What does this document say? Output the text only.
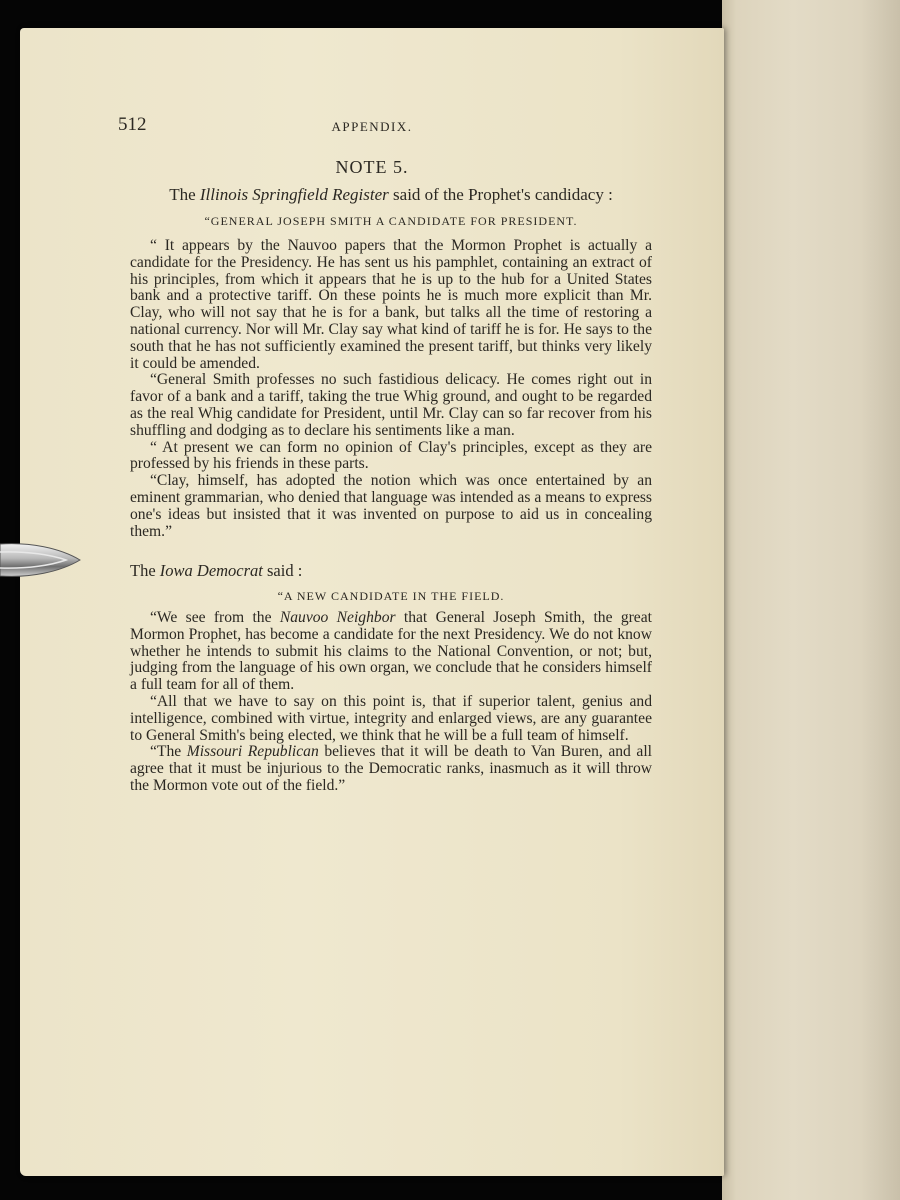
512	APPENDIX.
NOTE 5.
The Illinois Springfield Register said of the Prophet's candidacy :
“GENERAL JOSEPH SMITH A CANDIDATE FOR PRESIDENT.

“ It appears by the Nauvoo papers that the Mormon Prophet is actually a candidate for the Presidency. He has sent us his pamphlet, containing an extract of his principles, from which it appears that he is up to the hub for a United States bank and a protective tariff. On these points he is much more explicit than Mr. Clay, who will not say that he is for a bank, but talks all the time of restoring a national currency. Nor will Mr. Clay say what kind of tariff he is for. He says to the south that he has not sufficiently examined the present tariff, but thinks very likely it could be amended.

“General Smith professes no such fastidious delicacy. He comes right out in favor of a bank and a tariff, taking the true Whig ground, and ought to be regarded as the real Whig candidate for President, until Mr. Clay can so far recover from his shuffling and dodging as to declare his sentiments like a man.

“ At present we can form no opinion of Clay's principles, except as they are professed by his friends in these parts.

“Clay, himself, has adopted the notion which was once entertained by an eminent grammarian, who denied that language was intended as a means to express one's ideas but insisted that it was invented on purpose to aid us in concealing them.”

The Iowa Democrat said :
“A NEW CANDIDATE IN THE FIELD.

“We see from the Nauvoo Neighbor that General Joseph Smith, the great Mormon Prophet, has become a candidate for the next Presidency. We do not know whether he intends to submit his claims to the National Convention, or not; but, judging from the language of his own organ, we conclude that he considers himself a full team for all of them.

“All that we have to say on this point is, that if superior talent, genius and intelligence, combined with virtue, integrity and enlarged views, are any guarantee to General Smith's being elected, we think that he will be a full team of himself.

“The Missouri Republican believes that it will be death to Van Buren, and all agree that it must be injurious to the Democratic ranks, inasmuch as it will throw the Mormon vote out of the field.”
